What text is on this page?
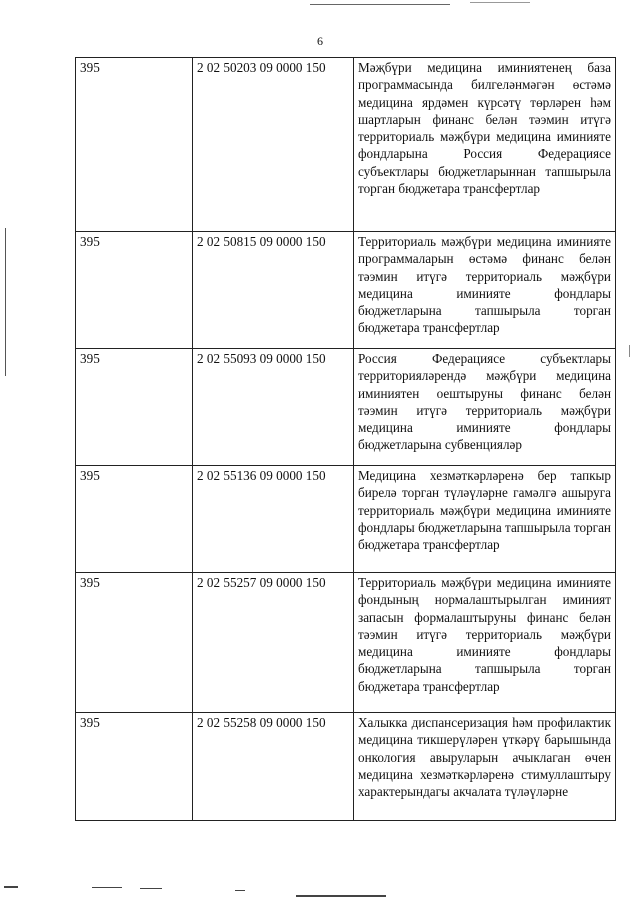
6
395	2 02 50203 09 0000 150	Мәҗбүри медицина иминиятенең база программасында билгеләнмәгән өстәмә медицина ярдәмен күрсәтү төрләрен һәм шартларын финанс белән тәэмин итүгә территориаль мәҗбүри медицина иминияте фондларына Россия Федерациясе субъектлары бюджетларыннан тапшырыла торган бюджетара трансфертлар
395	2 02 50815 09 0000 150	Территориаль мәҗбүри медицина иминияте программаларын өстәмә финанс белән тәэмин итүгә территориаль мәҗбүри медицина иминияте фондлары бюджетларына тапшырыла торган бюджетара трансфертлар
395	2 02 55093 09 0000 150	Россия Федерациясе субъектлары территорияләрендә мәҗбүри медицина иминиятен оештыруны финанс белән тәэмин итүгә территориаль мәҗбүри медицина иминияте фондлары бюджетларына субвенцияләр
395	2 02 55136 09 0000 150	Медицина хезмәткәрләренә бер тапкыр бирелә торган түләүләрне гамәлгә ашыруга территориаль мәҗбүри медицина иминияте фондлары бюджетларына тапшырыла торган бюджетара трансфертлар
395	2 02 55257 09 0000 150	Территориаль мәҗбүри медицина иминияте фондының нормалаштырылган иминият запасын формалаштыруны финанс белән тәэмин итүгә территориаль мәҗбүри медицина иминияте фондлары бюджетларына тапшырыла торган бюджетара трансфертлар
395	2 02 55258 09 0000 150	Халыкка диспансеризация һәм профилактик медицина тикшерүләрен үткәрү барышында онкология авыруларын ачыклаган өчен медицина хезмәткәрләренә стимуллаштыру характерындагы акчалата түләүләрне
